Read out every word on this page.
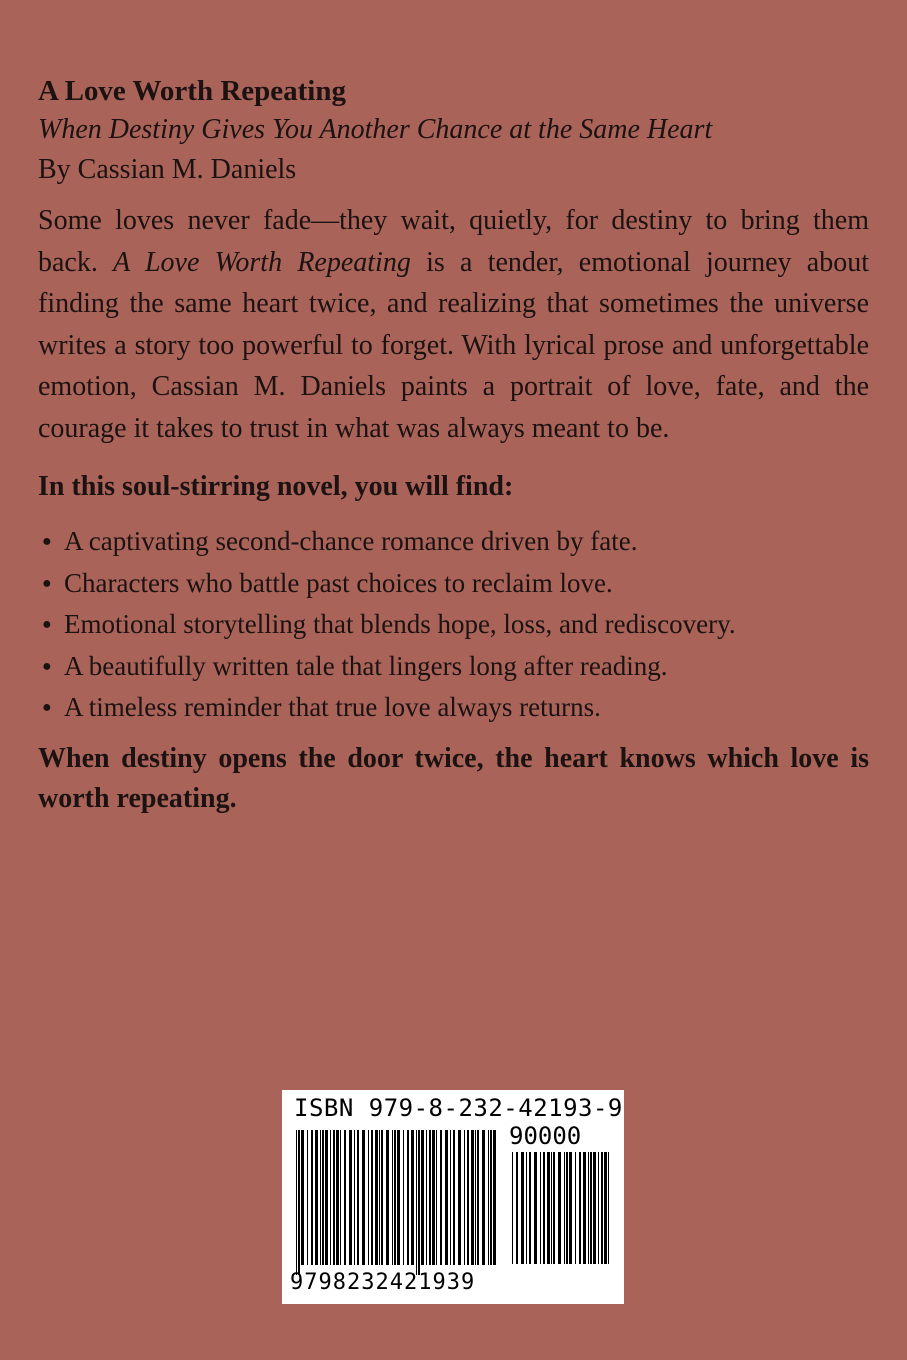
A Love Worth Repeating

When Destiny Gives You Another Chance at the Same Heart

By Cassian M. Daniels

Some loves never fade—they wait, quietly, for destiny to bring them back. A Love Worth Repeating is a tender, emotional journey about finding the same heart twice, and realizing that sometimes the universe writes a story too powerful to forget. With lyrical prose and unforgettable emotion, Cassian M. Daniels paints a portrait of love, fate, and the courage it takes to trust in what was always meant to be.

In this soul-stirring novel, you will find:

● A captivating second-chance romance driven by fate.
● Characters who battle past choices to reclaim love.
● Emotional storytelling that blends hope, loss, and rediscovery.
● A beautifully written tale that lingers long after reading.
● A timeless reminder that true love always returns.

When destiny opens the door twice, the heart knows which love is worth repeating.

ISBN 979-8-232-42193-9
90000
9798232421939
